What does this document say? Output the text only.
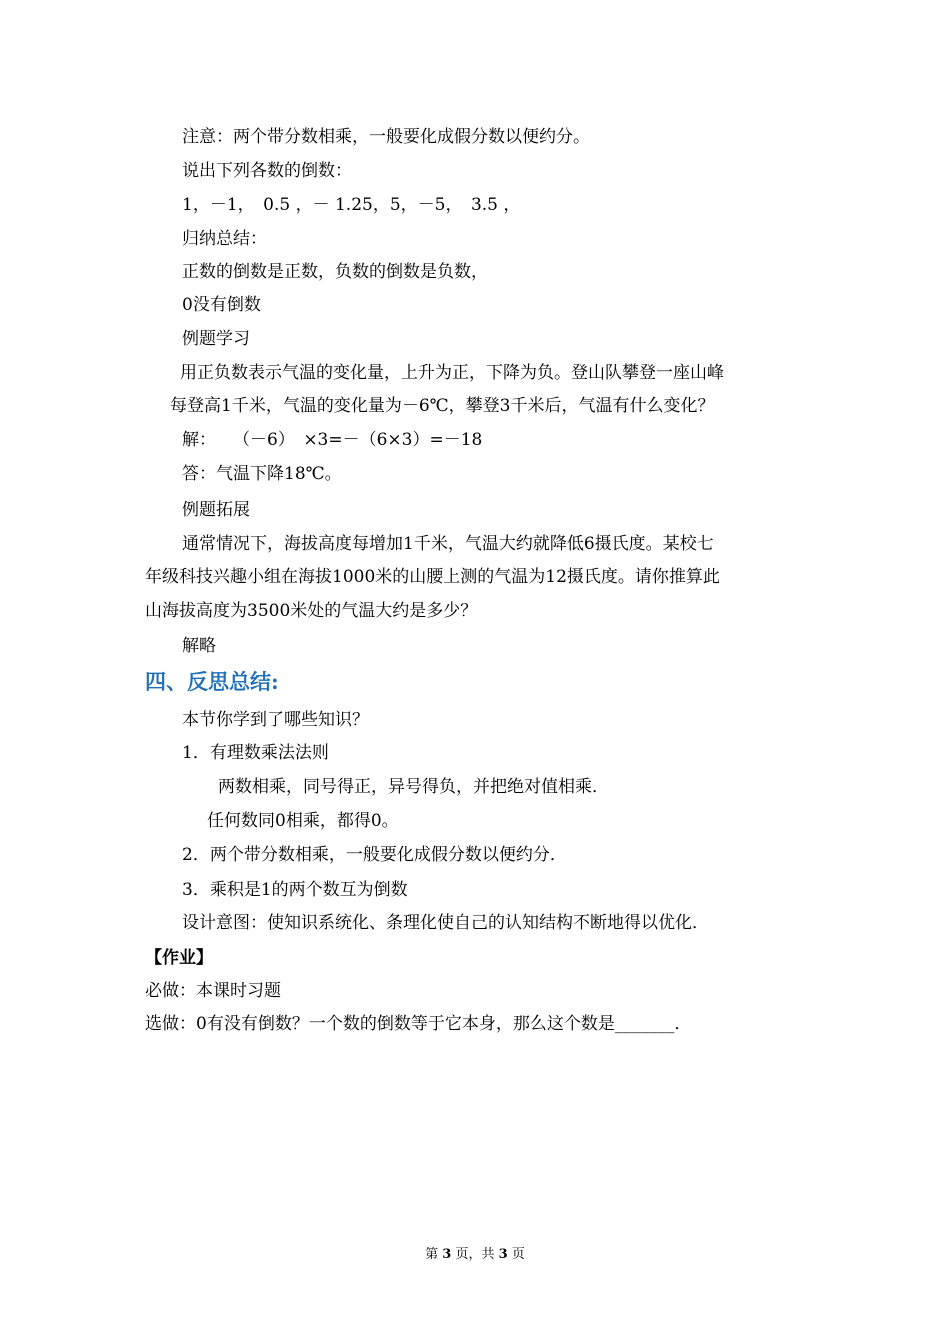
注意：两个带分数相乘，一般要化成假分数以便约分。
说出下列各数的倒数：
1，－1，　0.5 ，－ 1.25，5，－5，　3.5 ，
归纳总结：
正数的倒数是正数，负数的倒数是负数，
0没有倒数
例题学习
用正负数表示气温的变化量，上升为正，下降为负。登山队攀登一座山峰
每登高1千米，气温的变化量为－6℃，攀登3千米后，气温有什么变化？
解：　　（－6）　×3=－（6×3）=－18
答：气温下降18℃。
例题拓展
通常情况下，海拔高度每增加1千米，气温大约就降低6摄氏度。某校七
年级科技兴趣小组在海拔1000米的山腰上测的气温为12摄氏度。请你推算此
山海拔高度为3500米处的气温大约是多少？
解略
四、反思总结:
本节你学到了哪些知识？
1．有理数乘法法则
两数相乘，同号得正，异号得负，并把绝对值相乘．
任何数同0相乘，都得0。
2．两个带分数相乘，一般要化成假分数以便约分．
3．乘积是1的两个数互为倒数
设计意图：使知识系统化、条理化使自己的认知结构不断地得以优化．
【作业】
必做：本课时习题
选做：0有没有倒数？一个数的倒数等于它本身，那么这个数是_______．
第 3 页，共 3 页
